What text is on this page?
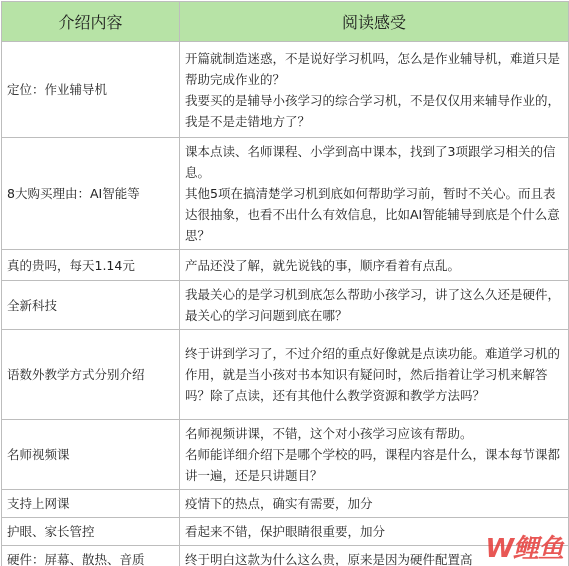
介绍内容	阅读感受
定位：作业辅导机	开篇就制造迷惑，不是说好学习机吗，怎么是作业辅导机，难道只是帮助完成作业的？
我要买的是辅导小孩学习的综合学习机，不是仅仅用来辅导作业的，我是不是走错地方了？

8大购买理由：AI智能等	课本点读、名师课程、小学到高中课本，找到了3项跟学习相关的信息。
其他5项在搞清楚学习机到底如何帮助学习前，暂时不关心。而且表达很抽象，也看不出什么有效信息，比如AI智能辅导到底是个什么意思？

真的贵吗，每天1.14元	产品还没了解，就先说钱的事，顺序看着有点乱。

全新科技	我最关心的是学习机到底怎么帮助小孩学习，讲了这么久还是硬件，最关心的学习问题到底在哪？

语数外教学方式分别介绍	终于讲到学习了，不过介绍的重点好像就是点读功能。难道学习机的作用，就是当小孩对书本知识有疑问时，然后指着让学习机来解答吗？除了点读，还有其他什么教学资源和教学方法吗？

名师视频课	名师视频讲课，不错，这个对小孩学习应该有帮助。
名师能详细介绍下是哪个学校的吗，课程内容是什么，课本每节课都讲一遍，还是只讲题目？

支持上网课	疫情下的热点，确实有需要，加分

护眼、家长管控	看起来不错，保护眼睛很重要，加分

硬件：屏幕、散热、音质	终于明白这款为什么这么贵，原来是因为硬件配置高 W鲤鱼
